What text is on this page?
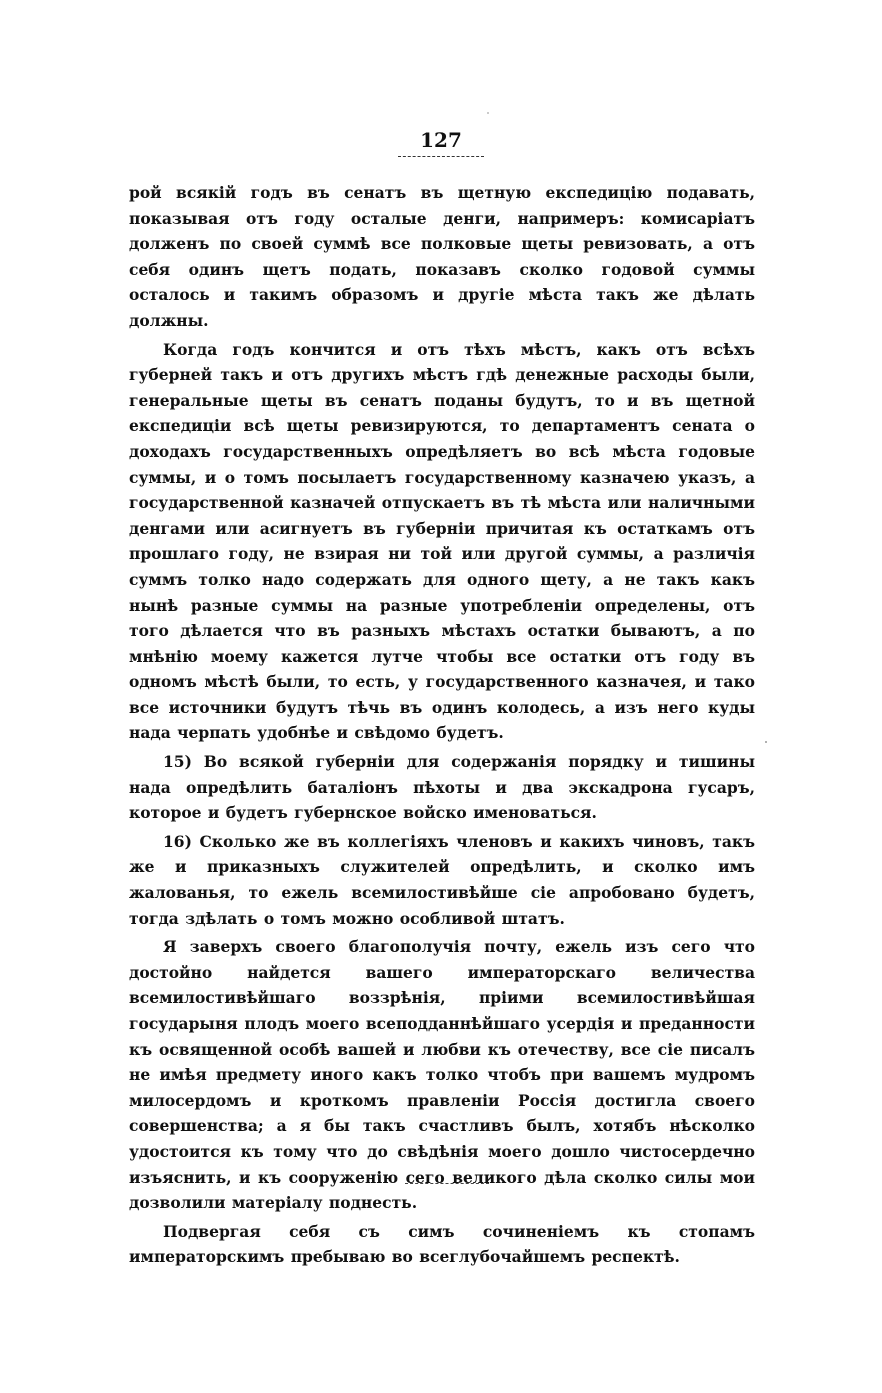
127

рой всякій годъ въ сенатъ въ щетную експедицію подавать, показывая отъ году осталые денги, напримеръ: комисаріатъ долженъ по своей суммѣ все полковые щеты ревизовать, а отъ себя одинъ щетъ подать, показавъ сколко годовой суммы осталось и такимъ образомъ и другіе мѣста такъ же дѣлать должны.

Когда годъ кончится и отъ тѣхъ мѣстъ, какъ отъ всѣхъ губерней такъ и отъ другихъ мѣстъ гдѣ денежные расходы были, генеральные щеты въ сенатъ поданы будутъ, то и въ щетной експедиціи всѣ щеты ревизируются, то департаментъ сената о доходахъ государственныхъ опредѣляетъ во всѣ мѣста годовые суммы, и о томъ посылаетъ государственному казначею указъ, а государственной казначей отпускаетъ въ тѣ мѣста или наличными денгами или асигнуетъ въ губерніи причитая къ остаткамъ отъ прошлаго году, не взирая ни той или другой суммы, а различія суммъ толко надо содержать для одного щету, а не такъ какъ нынѣ разные суммы на разные употребленіи определены, отъ того дѣлается что въ разныхъ мѣстахъ остатки бываютъ, а по мнѣнію моему кажется лутче чтобы все остатки отъ году въ одномъ мѣстѣ были, то есть, у государственного казначея, и тако все источники будутъ тѣчь въ одинъ колодесь, а изъ него куды нада черпать удобнѣе и свѣдомо будетъ.

15) Во всякой губерніи для содержанія порядку и тишины нада опредѣлить баталіонъ пѣхоты и два экскадрона гусаръ, которое и будетъ губернское войско именоваться.

16) Сколько же въ коллегіяхъ членовъ и какихъ чиновъ, такъ же и приказныхъ служителей опредѣлить, и сколко имъ жалованья, то ежель всемилостивѣйше сіе апробовано будетъ, тогда здѣлать о томъ можно особливой штатъ.

Я заверхъ своего благополучія почту, ежель изъ сего что достойно найдется вашего императорскаго величества всемилостивѣйшаго воззрѣнія, пріими всемилостивѣйшая государыня плодъ моего всеподданнѣйшаго усердія и преданности къ освященной особѣ вашей и любви къ отечеству, все сіе писалъ не имѣя предмету иного какъ толко чтобъ при вашемъ мудромъ милосердомъ и кроткомъ правленіи Россія достигла своего совершенства; а я бы такъ счастливъ былъ, хотябъ нѣсколко удостоится къ тому что до свѣдѣнія моего дошло чистосердечно изъяснить, и къ сооруженію сего великого дѣла сколко силы мои дозволили матеріалу поднесть.

Подвергая себя съ симъ сочиненіемъ къ стопамъ императорскимъ пребываю во всеглубочайшемъ респектѣ.
